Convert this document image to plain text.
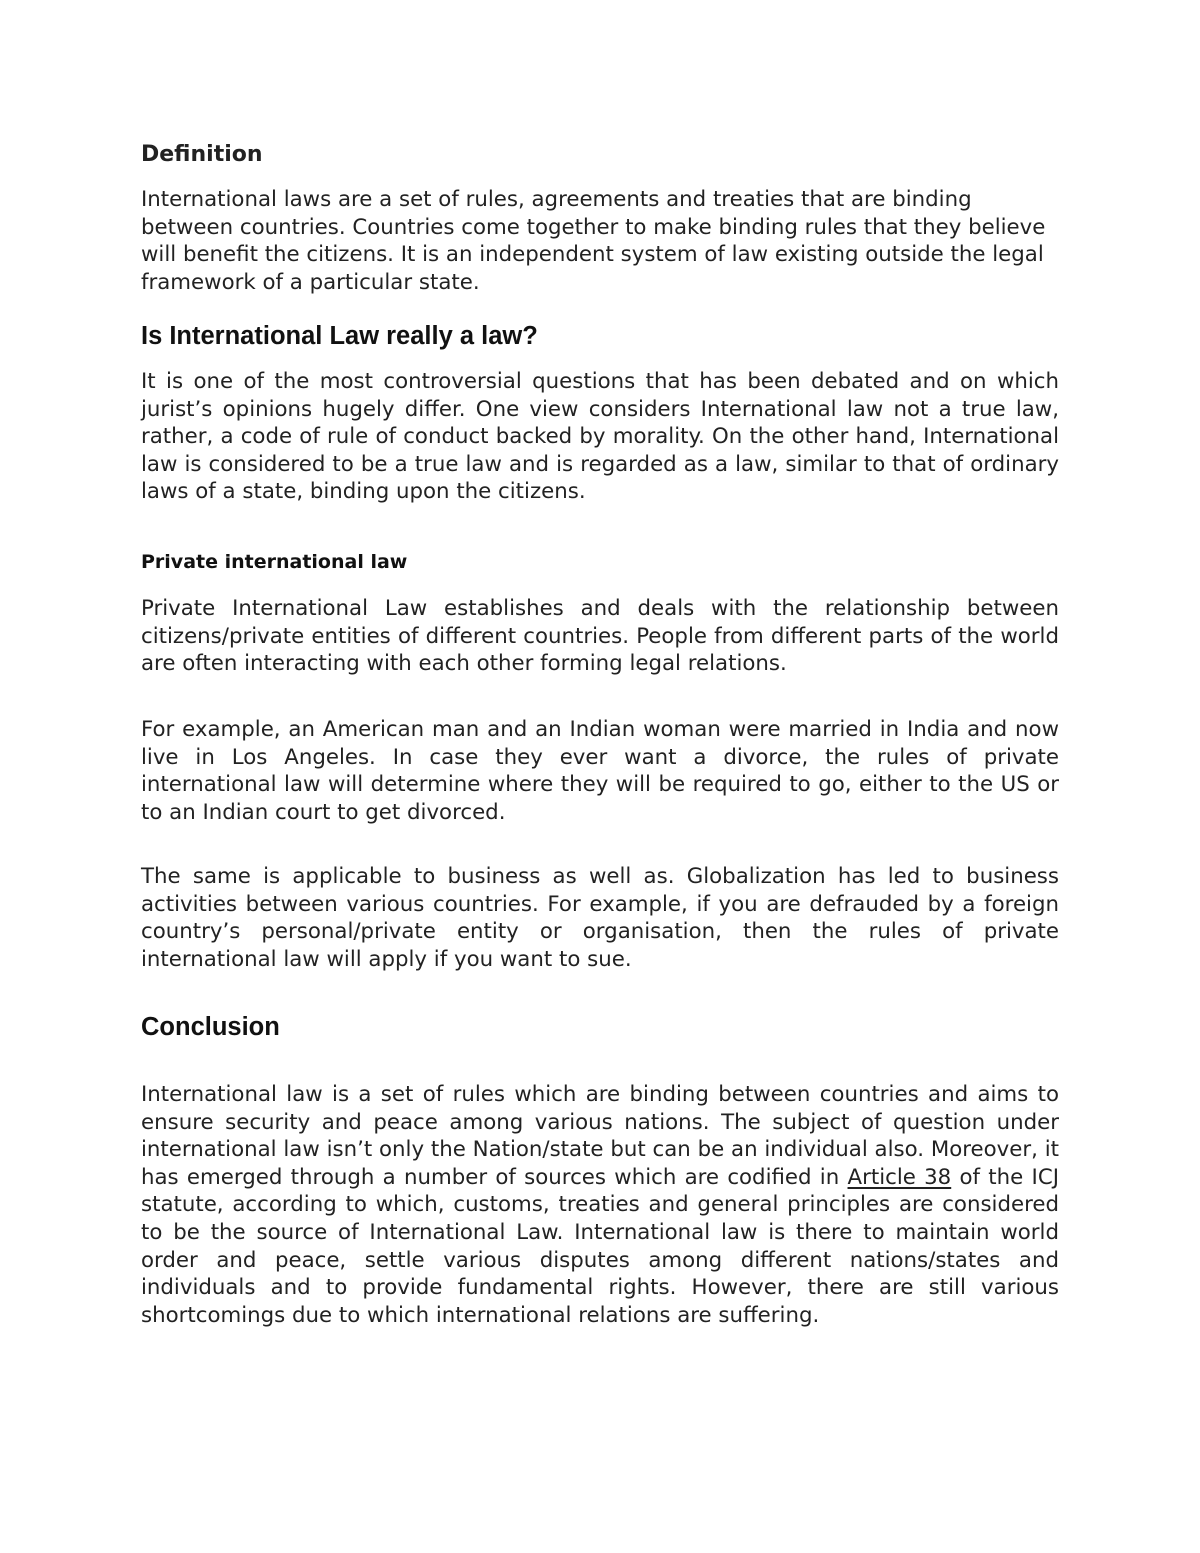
Definition

International laws are a set of rules, agreements and treaties that are binding between countries. Countries come together to make binding rules that they believe will benefit the citizens. It is an independent system of law existing outside the legal framework of a particular state.

Is International Law really a law?

It is one of the most controversial questions that has been debated and on which jurist’s opinions hugely differ. One view considers International law not a true law, rather, a code of rule of conduct backed by morality. On the other hand, International law is considered to be a true law and is regarded as a law, similar to that of ordinary laws of a state, binding upon the citizens.

Private international law

Private International Law establishes and deals with the relationship between citizens/private entities of different countries. People from different parts of the world are often interacting with each other forming legal relations.

For example, an American man and an Indian woman were married in India and now live in Los Angeles. In case they ever want a divorce, the rules of private international law will determine where they will be required to go, either to the US or to an Indian court to get divorced.

The same is applicable to business as well as. Globalization has led to business activities between various countries. For example, if you are defrauded by a foreign country’s personal/private entity or organisation, then the rules of private international law will apply if you want to sue.

Conclusion

International law is a set of rules which are binding between countries and aims to ensure security and peace among various nations. The subject of question under international law isn’t only the Nation/state but can be an individual also. Moreover, it has emerged through a number of sources which are codified in Article 38 of the ICJ statute, according to which, customs, treaties and general principles are considered to be the source of International Law. International law is there to maintain world order and peace, settle various disputes among different nations/states and individuals and to provide fundamental rights. However, there are still various shortcomings due to which international relations are suffering.
